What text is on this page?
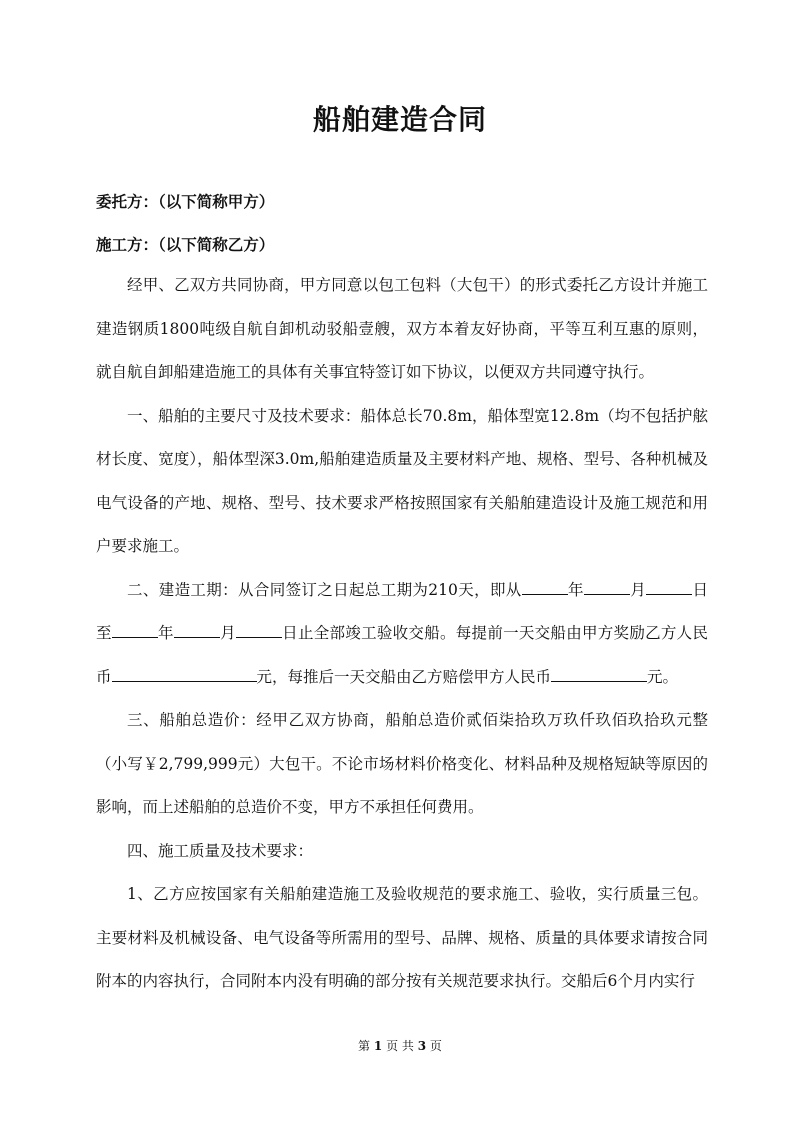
船舶建造合同
委托方：（以下简称甲方）
施工方：（以下简称乙方）

经甲、乙双方共同协商，甲方同意以包工包料（大包干）的形式委托乙方设计并施工建造钢质1800吨级自航自卸机动驳船壹艘，双方本着友好协商，平等互利互惠的原则，就自航自卸船建造施工的具体有关事宜特签订如下协议，以便双方共同遵守执行。

一、船舶的主要尺寸及技术要求：船体总长70.8m，船体型宽12.8m（均不包括护舷材长度、宽度），船体型深3.0m,船舶建造质量及主要材料产地、规格、型号、各种机械及电气设备的产地、规格、型号、技术要求严格按照国家有关船舶建造设计及施工规范和用户要求施工。

二、建造工期：从合同签订之日起总工期为210天，即从	年	月	日至	年	月	日止全部竣工验收交船。每提前一天交船由甲方奖励乙方人民币	元，每推后一天交船由乙方赔偿甲方人民币	元。

三、船舶总造价：经甲乙双方协商，船舶总造价贰佰柒拾玖万玖仟玖佰玖拾玖元整（小写￥2,799,999元）大包干。不论市场材料价格变化、材料品种及规格短缺等原因的影响，而上述船舶的总造价不变，甲方不承担任何费用。

四、施工质量及技术要求：

1、乙方应按国家有关船舶建造施工及验收规范的要求施工、验收，实行质量三包。主要材料及机械设备、电气设备等所需用的型号、品牌、规格、质量的具体要求请按合同附本的内容执行，合同附本内没有明确的部分按有关规范要求执行。交船后6个月内实行

第 1 页 共 3 页
